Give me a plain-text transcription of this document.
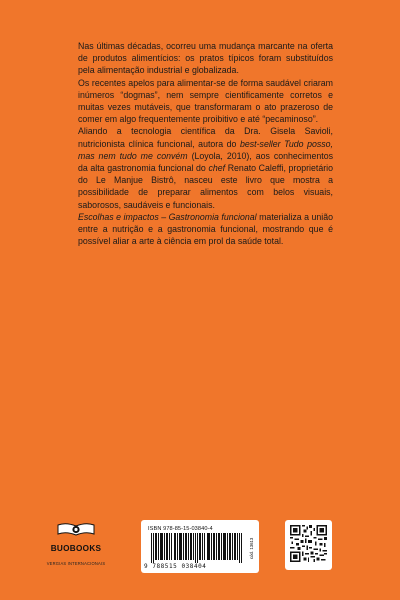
Nas últimas décadas, ocorreu uma mudança marcante na oferta de produtos alimentícios: os pratos típicos foram substituídos pela alimentação industrial e globalizada.

Os recentes apelos para alimentar-se de forma saudável criaram inúmeros “dogmas”, nem sempre cientificamente corretos e muitas vezes mutáveis, que transformaram o ato prazeroso de comer em algo frequentemente proibitivo e até “pecaminoso”.

Aliando a tecnologia científica da Dra. Gisela Savioli, nutricionista clínica funcional, autora do best-seller Tudo posso, mas nem tudo me convém (Loyola, 2010), aos conhecimentos da alta gastronomia funcional do chef Renato Caleffi, proprietário do Le Manjue Bistrô, nasceu este livro que mostra a possibilidade de preparar alimentos com belos visuais, saborosos, saudáveis e funcionais.

Escolhas e impactos – Gastronomia funcional materializa a união entre a nutrição e a gastronomia funcional, mostrando que é possível aliar a arte à ciência em prol da saúde total.

BUOBOOKS
VERGIAS INTERNACIONAIS
ISBN 978-85-15-03840-4
9 788515 038404
cód. 13613
